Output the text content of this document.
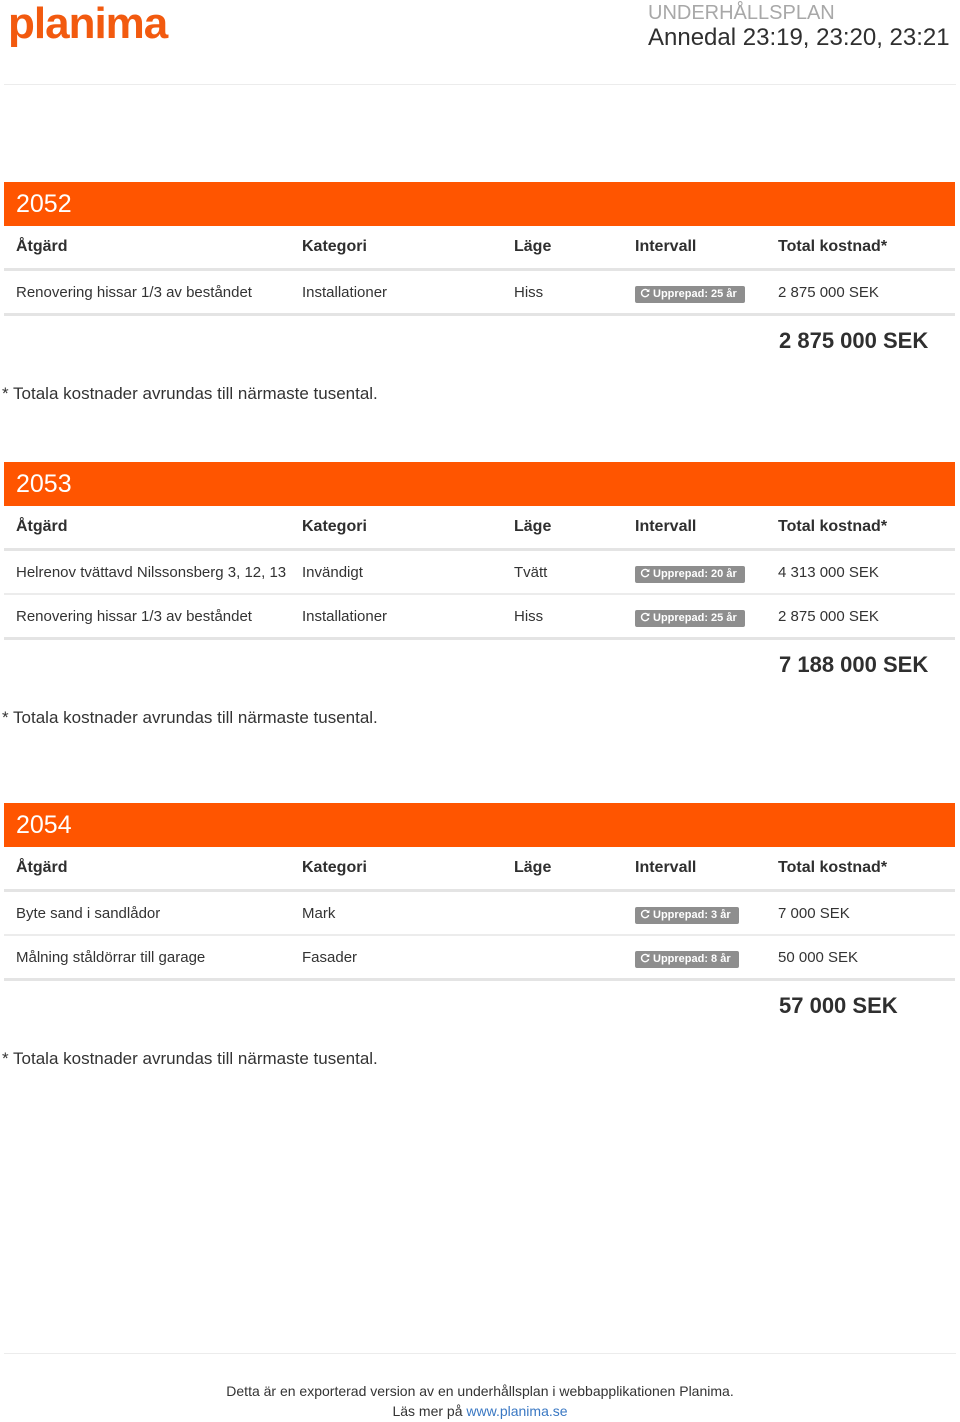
planima	UNDERHÅLLSPLAN
Annedal 23:19, 23:20, 23:21
2052
Åtgärd	Kategori	Läge	Intervall	Total kostnad*
Renovering hissar 1/3 av beståndet	Installationer	Hiss	Upprepad: 25 år	2 875 000 SEK
2 875 000 SEK
* Totala kostnader avrundas till närmaste tusental.
2053
Åtgärd	Kategori	Läge	Intervall	Total kostnad*
Helrenov tvättavd Nilssonsberg 3, 12, 13	Invändigt	Tvätt	Upprepad: 20 år	4 313 000 SEK
Renovering hissar 1/3 av beståndet	Installationer	Hiss	Upprepad: 25 år	2 875 000 SEK
7 188 000 SEK
* Totala kostnader avrundas till närmaste tusental.
2054
Åtgärd	Kategori	Läge	Intervall	Total kostnad*
Byte sand i sandlådor	Mark		Upprepad: 3 år	7 000 SEK
Målning ståldörrar till garage	Fasader		Upprepad: 8 år	50 000 SEK
57 000 SEK
* Totala kostnader avrundas till närmaste tusental.
Detta är en exporterad version av en underhållsplan i webbapplikationen Planima.
Läs mer på www.planima.se
